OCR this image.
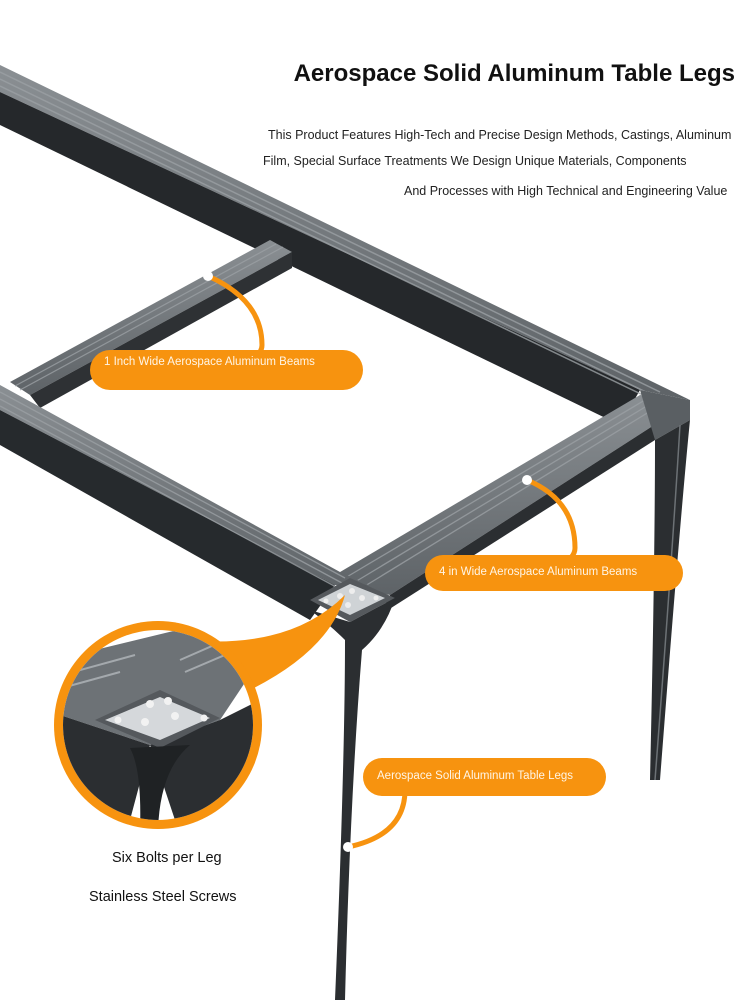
Aerospace Solid Aluminum Table Legs
This Product Features High-Tech and Precise Design Methods, Castings, Aluminum
Film, Special Surface Treatments We Design Unique Materials, Components
And Processes with High Technical and Engineering Value
1 Inch Wide Aerospace Aluminum Beams
4 in Wide Aerospace Aluminum Beams
Aerospace Solid Aluminum Table Legs
Six Bolts per Leg
Stainless Steel Screws
